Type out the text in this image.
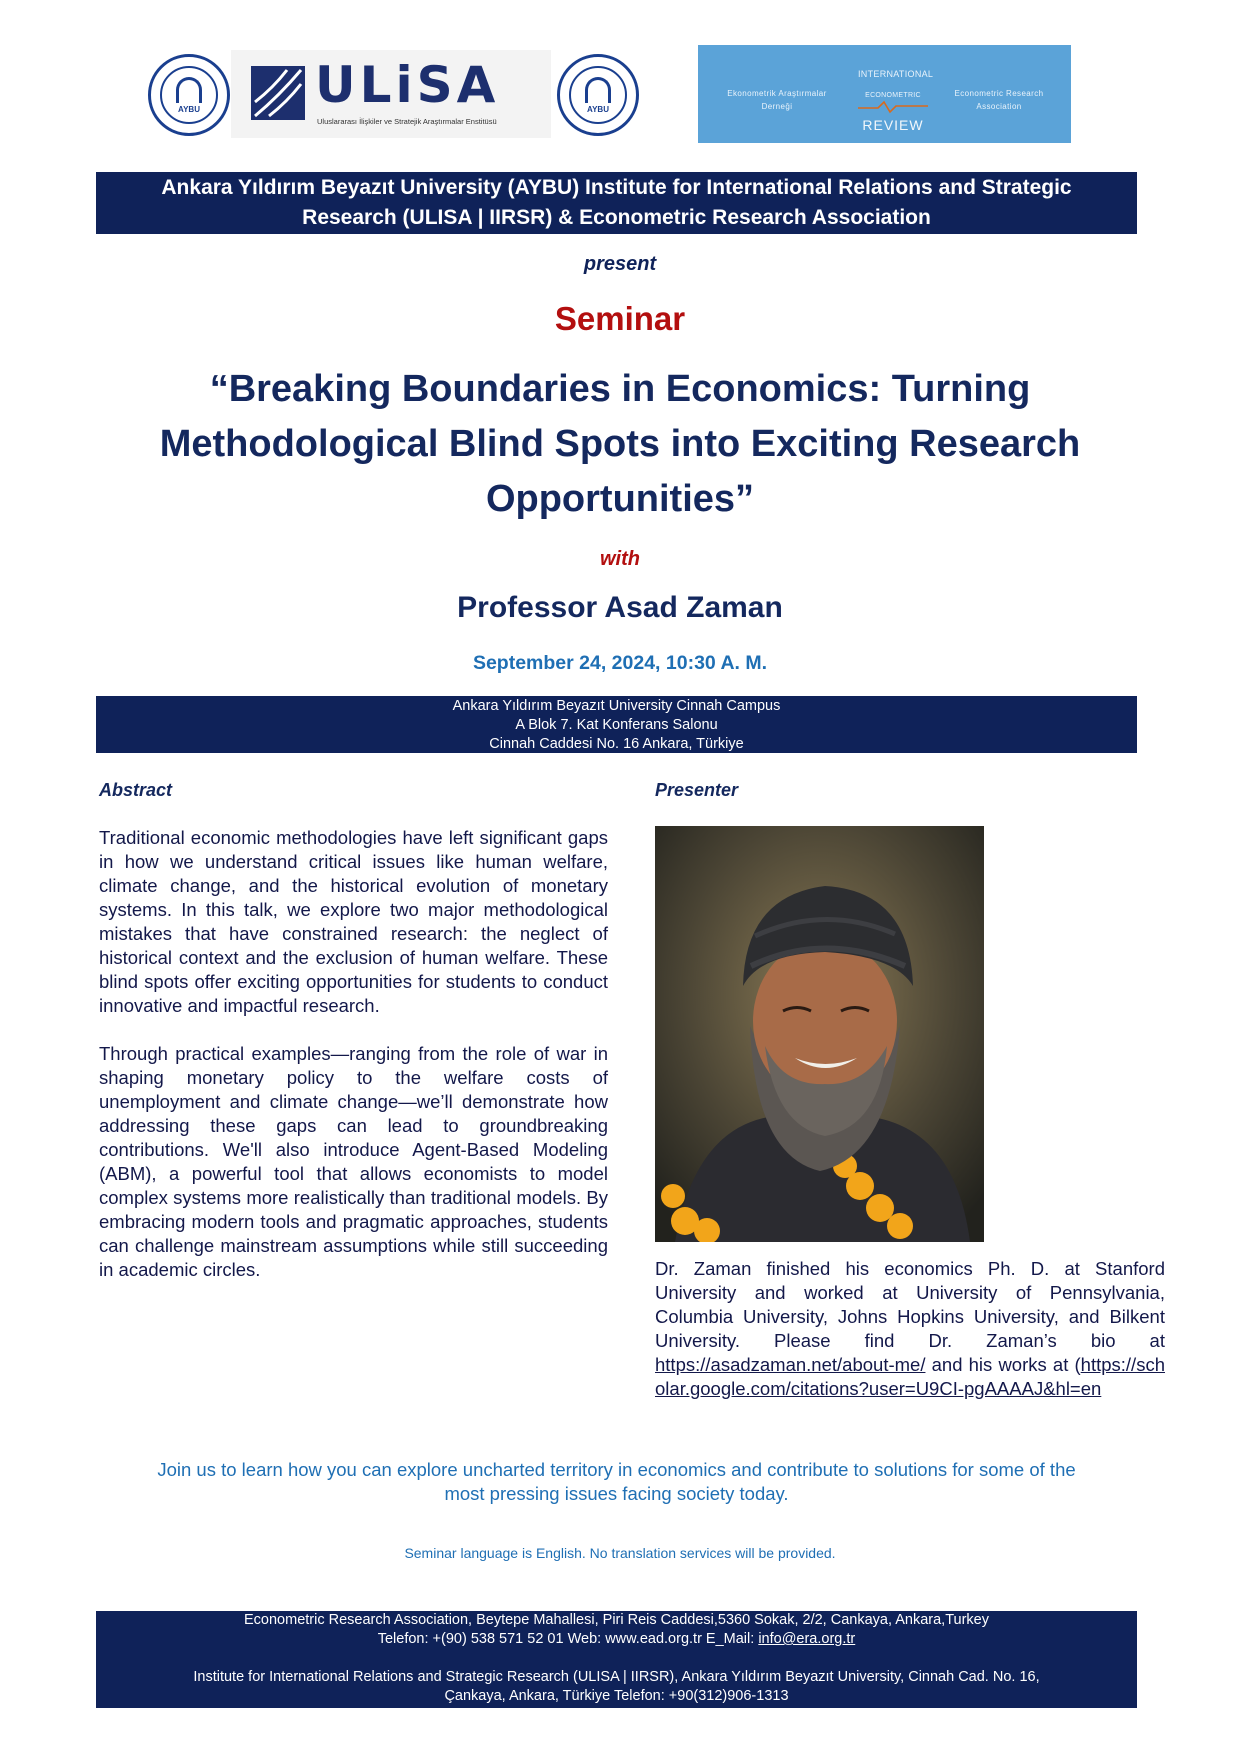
AYBU ULiSA
Uluslararası İlişkiler ve Stratejik Araştırmalar Enstitüsü
AYBU
Ekonometrik Araştırmalar Derneği
INTERNATIONAL
ECONOMETRIC
REVIEW
Econometric Research Association
Ankara Yıldırım Beyazıt University (AYBU) Institute for International Relations and Strategic
Research (ULISA | IIRSR) & Econometric Research Association
present
Seminar
“Breaking Boundaries in Economics: Turning
Methodological Blind Spots into Exciting Research
Opportunities”
with
Professor Asad Zaman
September 24, 2024, 10:30 A. M.
Ankara Yıldırım Beyazıt University Cinnah Campus
A Blok 7. Kat Konferans Salonu
Cinnah Caddesi No. 16 Ankara, Türkiye
Abstract

Traditional economic methodologies have left significant gaps in how we understand critical issues like human welfare, climate change, and the historical evolution of monetary systems. In this talk, we explore two major methodological mistakes that have constrained research: the neglect of historical context and the exclusion of human welfare. These blind spots offer exciting opportunities for students to conduct innovative and impactful research.

Through practical examples—ranging from the role of war in shaping monetary policy to the welfare costs of unemployment and climate change—we’ll demonstrate how addressing these gaps can lead to groundbreaking contributions. We'll also introduce Agent-Based Modeling (ABM), a powerful tool that allows economists to model complex systems more realistically than traditional models. By embracing modern tools and pragmatic approaches, students can challenge mainstream assumptions while still succeeding in academic circles.

Presenter
Dr. Zaman finished his economics Ph. D. at Stanford University and worked at University of Pennsylvania, Columbia University, Johns Hopkins University, and Bilkent University. Please find Dr. Zaman’s bio at https://asadzaman.net/about-me/ and his works at (https://scholar.google.com/citations?user=U9CI-pgAAAAJ&hl=en
Join us to learn how you can explore uncharted territory in economics and contribute to solutions for some of the
most pressing issues facing society today.
Seminar language is English. No translation services will be provided.
Econometric Research Association, Beytepe Mahallesi, Piri Reis Caddesi,5360 Sokak, 2/2, Cankaya, Ankara,Turkey
Telefon: +(90) 538 571 52 01 Web: www.ead.org.tr E_Mail: info@era.org.tr
Institute for International Relations and Strategic Research (ULISA | IIRSR), Ankara Yıldırım Beyazıt University, Cinnah Cad. No. 16,
Çankaya, Ankara, Türkiye Telefon: +90(312)906-1313
